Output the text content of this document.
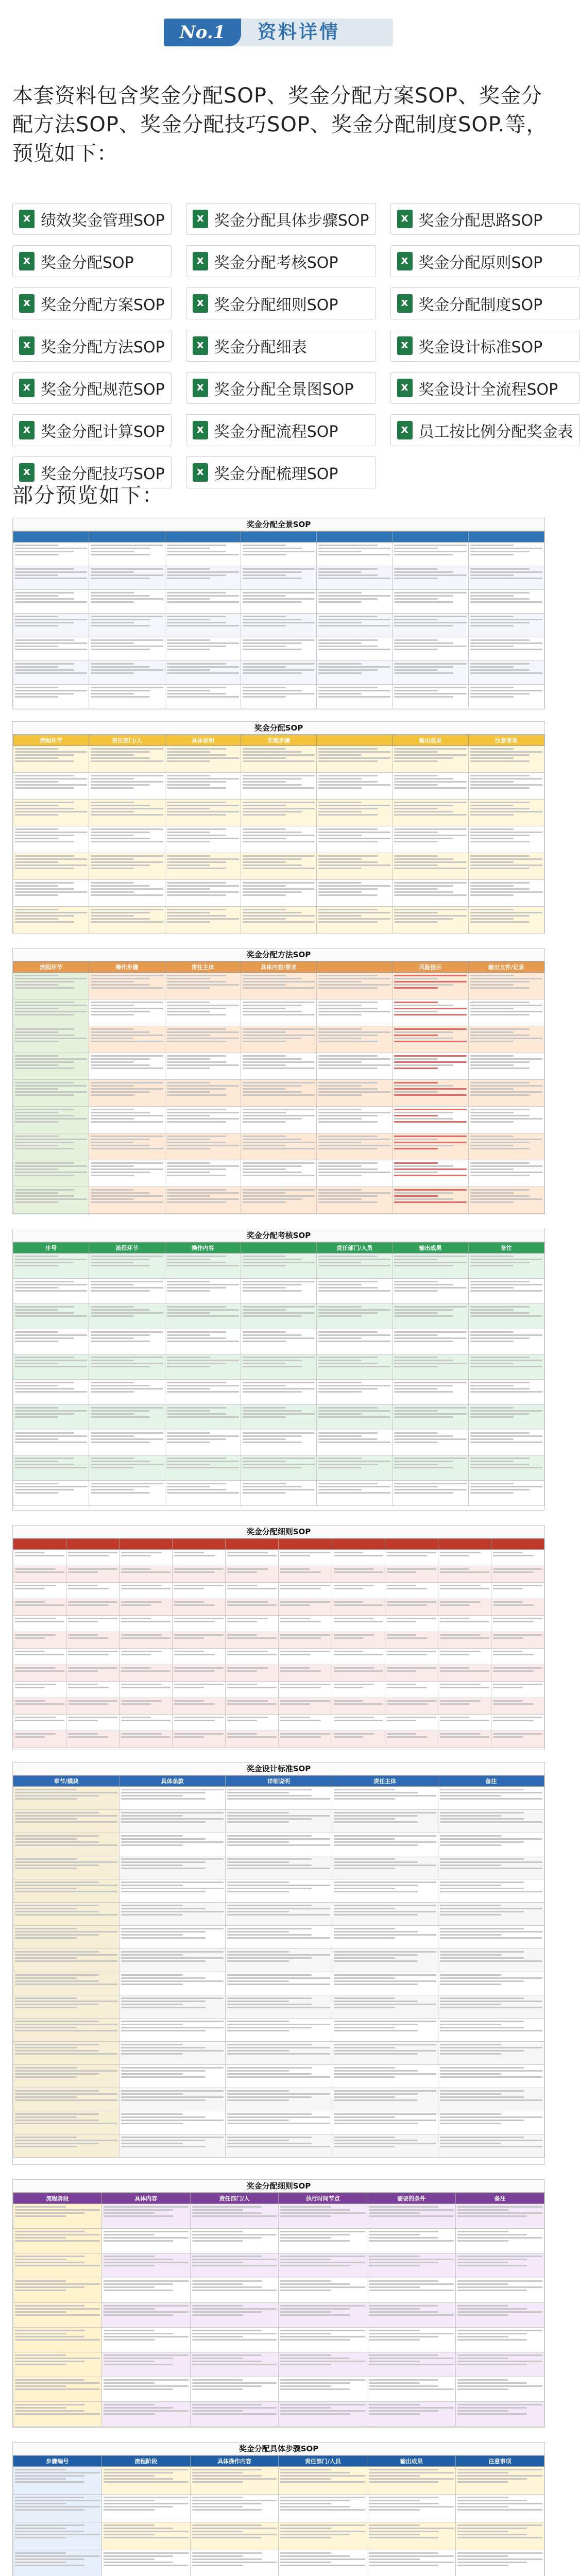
No.1	资料详情
本套资料包含奖金分配SOP、奖金分配方案SOP、奖金分配方法SOP、奖金分配技巧SOP、奖金分配制度SOP.等，预览如下：
x
绩效奖金管理SOP x	奖金分配具体步骤SOP x	奖金分配思路SOP
x
奖金分配SOP x	奖金分配考核SOP x	奖金分配原则SOP
x
奖金分配方案SOP x	奖金分配细则SOP x	奖金分配制度SOP
x
奖金分配方法SOP x	奖金分配细表 x	奖金设计标准SOP
x
奖金分配规范SOP x	奖金分配全景图SOP x	奖金设计全流程SOP
x
奖金分配计算SOP x	奖金分配流程SOP x	员工按比例分配奖金表
x
奖金分配技巧SOP x	奖金分配梳理SOP
部分预览如下：
奖金分配全景SOP

奖金分配SOP
流程环节	责任部门/人	具体说明	实施步骤		输出成果	注意事项

奖金分配方法SOP
流程环节	操作步骤	责任主体	具体内容/要求		风险提示	输出文件/记录

奖金分配考核SOP
序号	流程环节	操作内容		责任部门/人员	输出成果	备注

奖金分配细则SOP

奖金设计标准SOP
章节/模块	具体条款	详细说明	责任主体	备注

奖金分配细则SOP
流程阶段	具体内容	责任部门/人	执行时间节点	需要的条件	备注

奖金分配具体步骤SOP
步骤编号	流程阶段	具体操作内容	责任部门/人员	输出成果	注意事项
